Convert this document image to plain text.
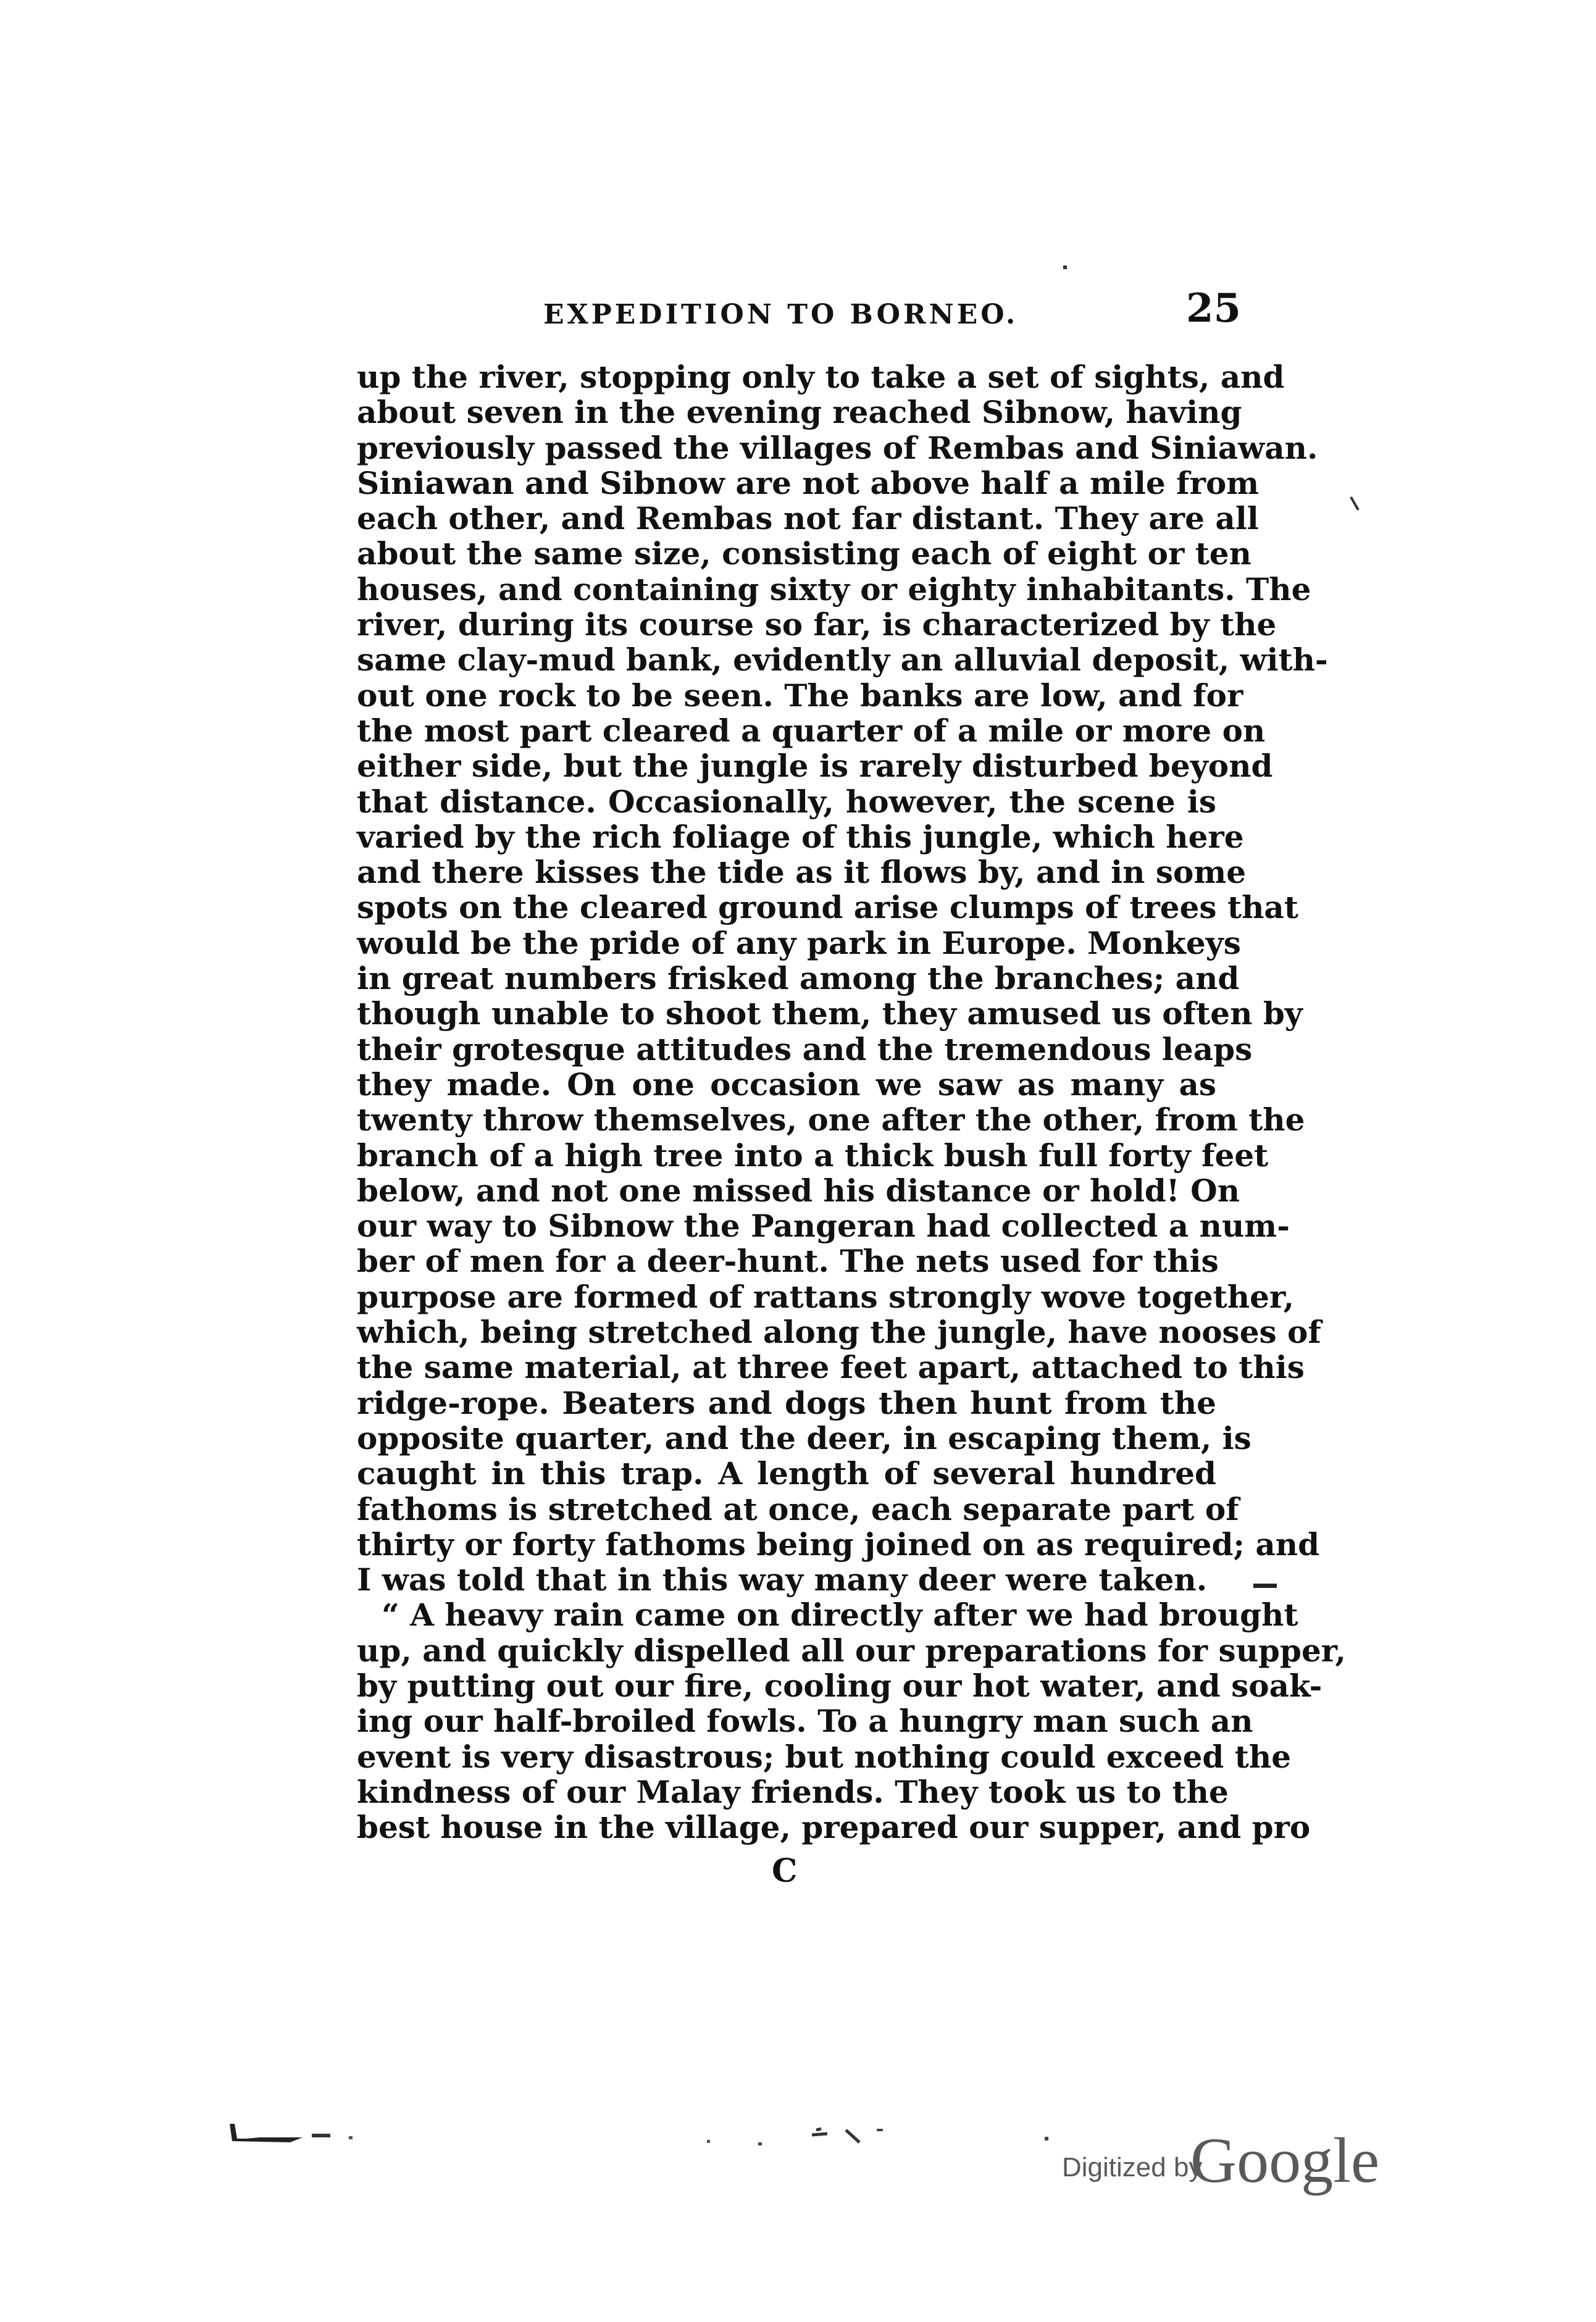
EXPEDITION TO BORNEO.	25
up the river, stopping only to take a set of sights, and
about seven in the evening reached Sibnow, having
previously passed the villages of Rembas and Siniawan.
Siniawan and Sibnow are not above half a mile from
each other, and Rembas not far distant. They are all
about the same size, consisting each of eight or ten
houses, and containing sixty or eighty inhabitants. The
river, during its course so far, is characterized by the
same clay-mud bank, evidently an alluvial deposit, with-
out one rock to be seen. The banks are low, and for
the most part cleared a quarter of a mile or more on
either side, but the jungle is rarely disturbed beyond
that distance. Occasionally, however, the scene is
varied by the rich foliage of this jungle, which here
and there kisses the tide as it flows by, and in some
spots on the cleared ground arise clumps of trees that
would be the pride of any park in Europe. Monkeys
in great numbers frisked among the branches; and
though unable to shoot them, they amused us often by
their grotesque attitudes and the tremendous leaps
they made. On one occasion we saw as many as
twenty throw themselves, one after the other, from the
branch of a high tree into a thick bush full forty feet
below, and not one missed his distance or hold! On
our way to Sibnow the Pangeran had collected a num-
ber of men for a deer-hunt. The nets used for this
purpose are formed of rattans strongly wove together,
which, being stretched along the jungle, have nooses of
the same material, at three feet apart, attached to this
ridge-rope. Beaters and dogs then hunt from the
opposite quarter, and the deer, in escaping them, is
caught in this trap. A length of several hundred
fathoms is stretched at once, each separate part of
thirty or forty fathoms being joined on as required; and
I was told that in this way many deer were taken.
“ A heavy rain came on directly after we had brought
up, and quickly dispelled all our preparations for supper,
by putting out our fire, cooling our hot water, and soak-
ing our half-broiled fowls. To a hungry man such an
event is very disastrous; but nothing could exceed the
kindness of our Malay friends. They took us to the
best house in the village, prepared our supper, and pro
C
Digitized by
Google
